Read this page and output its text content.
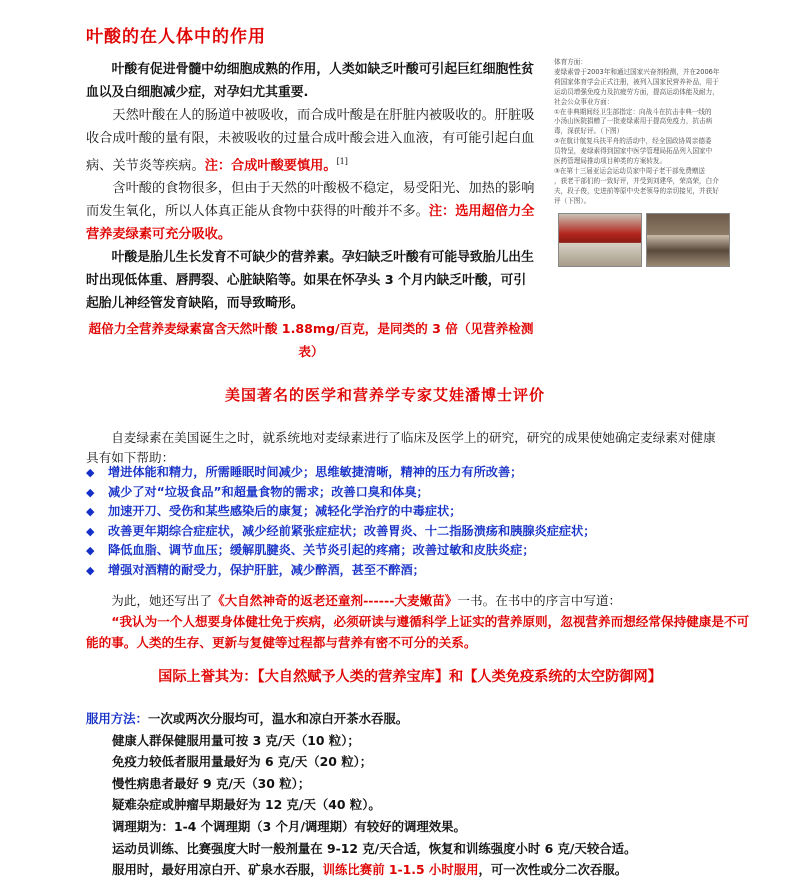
叶酸的在人体中的作用

叶酸有促进骨髓中幼细胞成熟的作用，人类如缺乏叶酸可引起巨红细胞性贫血以及白细胞减少症，对孕妇尤其重要.

天然叶酸在人的肠道中被吸收，而合成叶酸是在肝脏内被吸收的。肝脏吸收合成叶酸的量有限，未被吸收的过量合成叶酸会进入血液，有可能引起白血病、关节炎等疾病。注：合成叶酸要慎用。[1]

含叶酸的食物很多，但由于天然的叶酸极不稳定，易受阳光、加热的影响而发生氧化，所以人体真正能从食物中获得的叶酸并不多。注：选用超倍力全营养麦绿素可充分吸收。

叶酸是胎儿生长发育不可缺少的营养素。孕妇缺乏叶酸有可能导致胎儿出生时出现低体重、唇腭裂、心脏缺陷等。如果在怀孕头 3 个月内缺乏叶酸，可引起胎儿神经管发育缺陷，而导致畸形。

超倍力全营养麦绿素富含天然叶酸 1.88mg/百克，是同类的 3 倍（见营养检测表）

体育方面：

麦绿素曾于2003年和通过国家兴奋剂检测，并在2006年

荷国家体育学会正式注册，被列入国家民营养补品，用于

运动员增强免疫力及抗疲劳方面，提高运动体能及耐力，

社会公众事业方面：

①在非典期间经卫生部指定：向战斗在抗击非典一线的

小汤山医院捐赠了一批麦绿素用于提高免疫力，抗击病

毒，深获好评。（下图）

②在航计航复兵扶平舟的活动中，经全国政协周亲德委

员特呈，麦绿素得到国家中医学管理局拓品列入国家中

医药管理局推动项目种类的方案转发。

③在第十三届亚运会运动员家中周子老干部免费赠送

，获老干部们的一致好评，并受到刘建华，荣高荣，白介

夫，段子俊，史进前等原中央老领导的亲切接见，并获好

评（下图）。

美国著名的医学和营养学专家艾娃潘博士评价

自麦绿素在美国诞生之时，就系统地对麦绿素进行了临床及医学上的研究，研究的成果使她确定麦绿素对健康具有如下帮助：

◆ 增进体能和精力，所需睡眠时间减少；思维敏捷清晰，精神的压力有所改善；
◆ 减少了对“垃圾食品”和超量食物的需求；改善口臭和体臭；
◆ 加速开刀、受伤和某些感染后的康复；减轻化学治疗的中毒症状；
◆ 改善更年期综合症症状，减少经前紧张症症状；改善胃炎、十二指肠溃疡和胰腺炎症症状；
◆ 降低血脂、调节血压；缓解肌腱炎、关节炎引起的疼痛；改善过敏和皮肤炎症；
◆ 增强对酒精的耐受力，保护肝脏，减少醉酒，甚至不醉酒；

为此，她还写出了《大自然神奇的返老还童剂------大麦嫩苗》一书。在书中的序言中写道：

“我认为一个人想要身体健壮免于疾病，必须研读与遵循科学上证实的营养原则，忽视营养而想经常保持健康是不可能的事。人类的生存、更新与复健等过程都与营养有密不可分的关系。

国际上誉其为：【大自然赋予人类的营养宝库】和【人类免疫系统的太空防御网】

服用方法：一次或两次分服均可，温水和凉白开茶水吞服。

健康人群保健服用量可按 3 克/天（10 粒）；

免疫力较低者服用量最好为 6 克/天（20 粒）；

慢性病患者最好 9 克/天（30 粒）；

疑难杂症或肿瘤早期最好为 12 克/天（40 粒）。

调理期为：1-4 个调理期（3 个月/调理期）有较好的调理效果。

运动员训练、比赛强度大时一般剂量在 9-12 克/天合适，恢复和训练强度小时 6 克/天较合适。

服用时，最好用凉白开、矿泉水吞服，训练比赛前 1-1.5 小时服用，可一次性或分二次吞服。
